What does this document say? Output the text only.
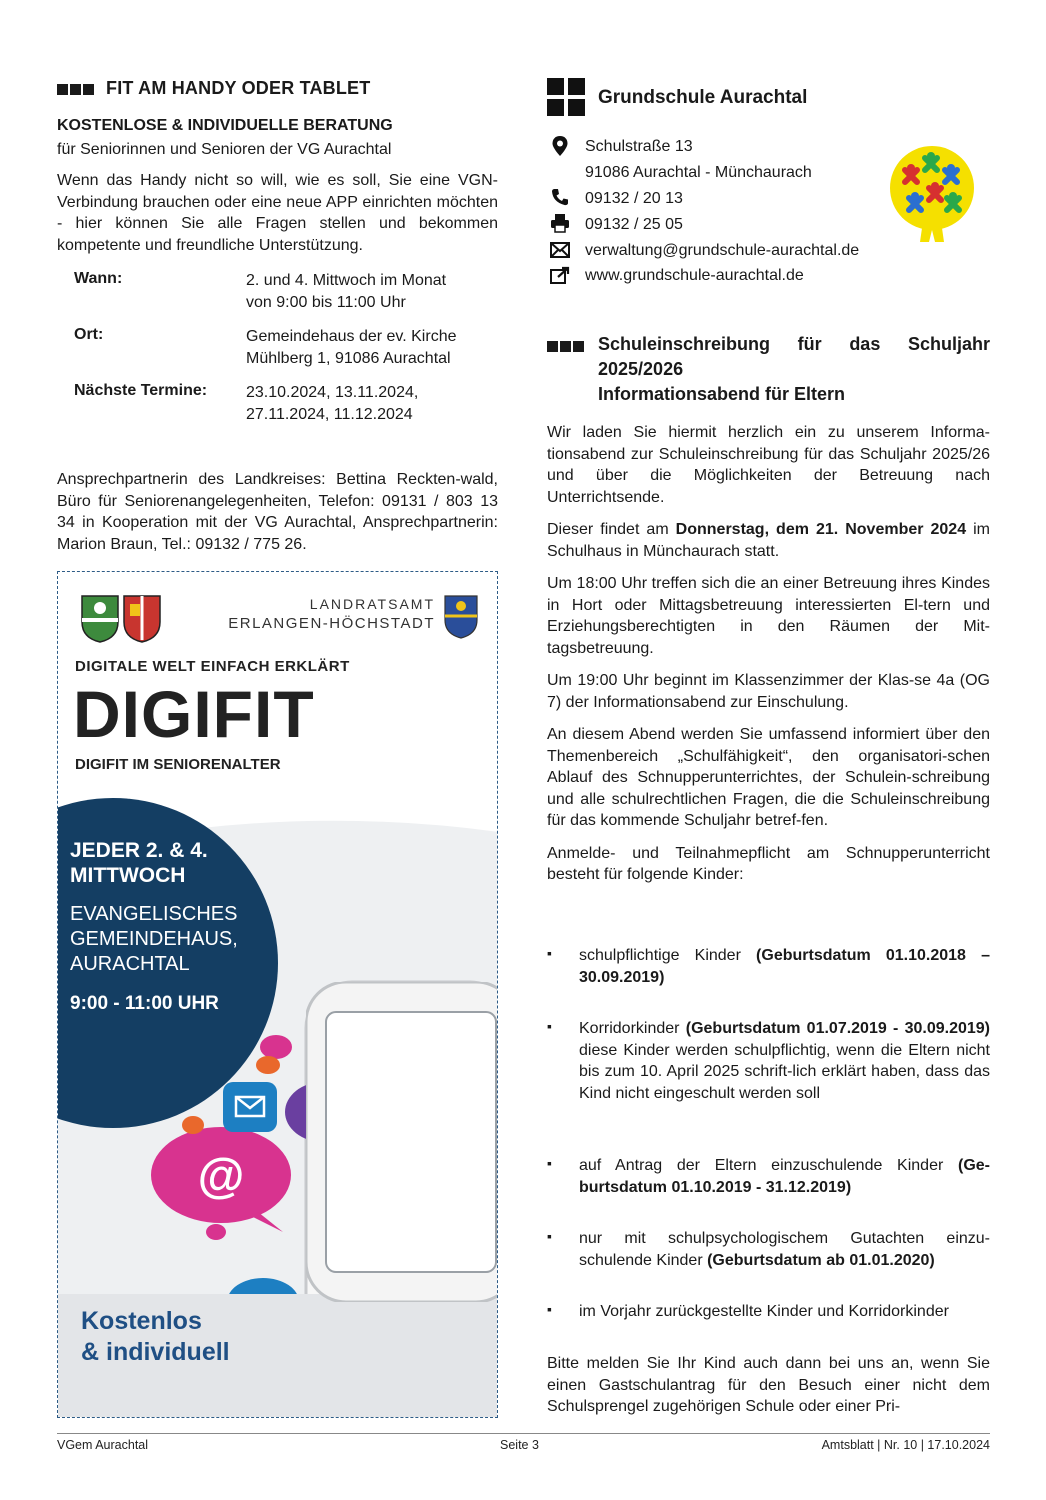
FIT AM HANDY ODER TABLET
KOSTENLOSE & INDIVIDUELLE BERATUNG
für Seniorinnen und Senioren der VG Aurachtal
Wenn das Handy nicht so will, wie es soll, Sie eine VGN-Verbindung brauchen oder eine neue APP einrichten möchten - hier können Sie alle Fragen stellen und bekommen kompetente und freundliche Unterstützung.
Wann:	2. und 4. Mittwoch im Monat
von 9:00 bis 11:00 Uhr
Ort:	Gemeindehaus der ev. Kirche
Mühlberg 1, 91086 Aurachtal
Nächste Termine: 23.10.2024, 13.11.2024,
27.11.2024, 11.12.2024
Ansprechpartnerin des Landkreises: Bettina Reckten-wald, Büro für Seniorenangelegenheiten, Telefon: 09131 / 803 13 34 in Kooperation mit der VG Aurachtal, Ansprechpartnerin: Marion Braun, Tel.: 09132 / 775 26.
LANDRATSAMT
ERLANGEN-HÖCHSTADT
DIGITALE WELT EINFACH ERKLÄRT
DIGIFIT
DIGIFIT IM SENIORENALTER
@
JEDER 2. & 4.
MITTWOCH
EVANGELISCHES
GEMEINDEHAUS,
AURACHTAL
9:00 - 11:00 UHR
Kostenlos
& individuell
Grundschule Aurachtal
Schulstraße 13
91086 Aurachtal - Münchaurach
09132 / 20 13
09132 / 25 05
verwaltung@grundschule-aurachtal.de
www.grundschule-aurachtal.de
Schuleinschreibung für das Schuljahr
2025/2026
Informationsabend für Eltern
Wir laden Sie hiermit herzlich ein zu unserem Informa-tionsabend zur Schuleinschreibung für das Schuljahr 2025/26 und über die Möglichkeiten der Betreuung nach Unterrichtsende.
Dieser findet am Donnerstag, dem 21. November 2024 im Schulhaus in Münchaurach statt.
Um 18:00 Uhr treffen sich die an einer Betreuung ihres Kindes in Hort oder Mittagsbetreuung interessierten El-tern und Erziehungsberechtigten in den Räumen der Mit-tagsbetreuung.
Um 19:00 Uhr beginnt im Klassenzimmer der Klas-se 4a (OG 7) der Informationsabend zur Einschulung.
An diesem Abend werden Sie umfassend informiert über den Themenbereich „Schulfähigkeit“, den organisatori-schen Ablauf des Schnupperunterrichtes, der Schulein-schreibung und alle schulrechtlichen Fragen, die die Schuleinschreibung für das kommende Schuljahr betref-fen.
Anmelde- und Teilnahmepflicht am Schnupperunterricht besteht für folgende Kinder:
▪ schulpflichtige Kinder (Geburtsdatum 01.10.2018 – 30.09.2019)
▪ Korridorkinder (Geburtsdatum 01.07.2019 - 30.09.2019) diese Kinder werden schulpflichtig, wenn die Eltern nicht bis zum 10. April 2025 schrift-lich erklärt haben, dass das Kind nicht eingeschult werden soll
▪ auf Antrag der Eltern einzuschulende Kinder (Ge-burtsdatum 01.10.2019 - 31.12.2019)
▪ nur mit schulpsychologischem Gutachten einzu-schulende Kinder (Geburtsdatum ab 01.01.2020)
▪ im Vorjahr zurückgestellte Kinder und Korridorkinder
Bitte melden Sie Ihr Kind auch dann bei uns an, wenn Sie einen Gastschulantrag für den Besuch einer nicht dem Schulsprengel zugehörigen Schule oder einer Pri-
VGem Aurachtal	Seite 3	Amtsblatt | Nr. 10 | 17.10.2024
